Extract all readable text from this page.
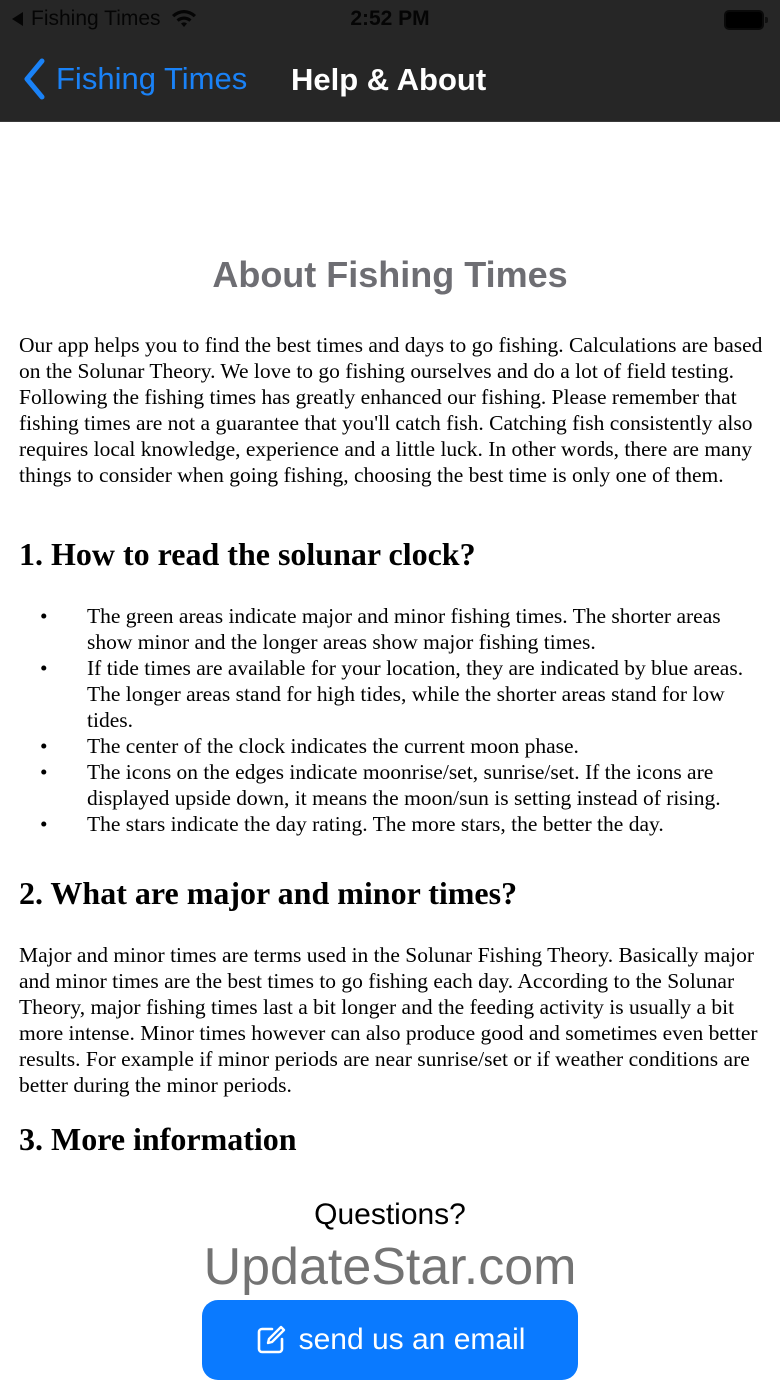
Fishing Times	2:52 PM
Fishing Times Help & About
About Fishing Times
Our app helps you to find the best times and days to go fishing. Calculations are based on the Solunar Theory. We love to go fishing ourselves and do a lot of field testing. Following the fishing times has greatly enhanced our fishing. Please remember that fishing times are not a guarantee that you'll catch fish. Catching fish consistently also requires local knowledge, experience and a little luck. In other words, there are many things to consider when going fishing, choosing the best time is only one of them.
1. How to read the solunar clock?
• The green areas indicate major and minor fishing times. The shorter areas show minor and the longer areas show major fishing times.
• If tide times are available for your location, they are indicated by blue areas. The longer areas stand for high tides, while the shorter areas stand for low tides.
• The center of the clock indicates the current moon phase.
• The icons on the edges indicate moonrise/set, sunrise/set. If the icons are displayed upside down, it means the moon/sun is setting instead of rising.
• The stars indicate the day rating. The more stars, the better the day.
2. What are major and minor times?
Major and minor times are terms used in the Solunar Fishing Theory. Basically major and minor times are the best times to go fishing each day. According to the Solunar Theory, major fishing times last a bit longer and the feeding activity is usually a bit more intense. Minor times however can also produce good and sometimes even better results. For example if minor periods are near sunrise/set or if weather conditions are better during the minor periods.
3. More information
Questions?
UpdateStar.com
send us an email
